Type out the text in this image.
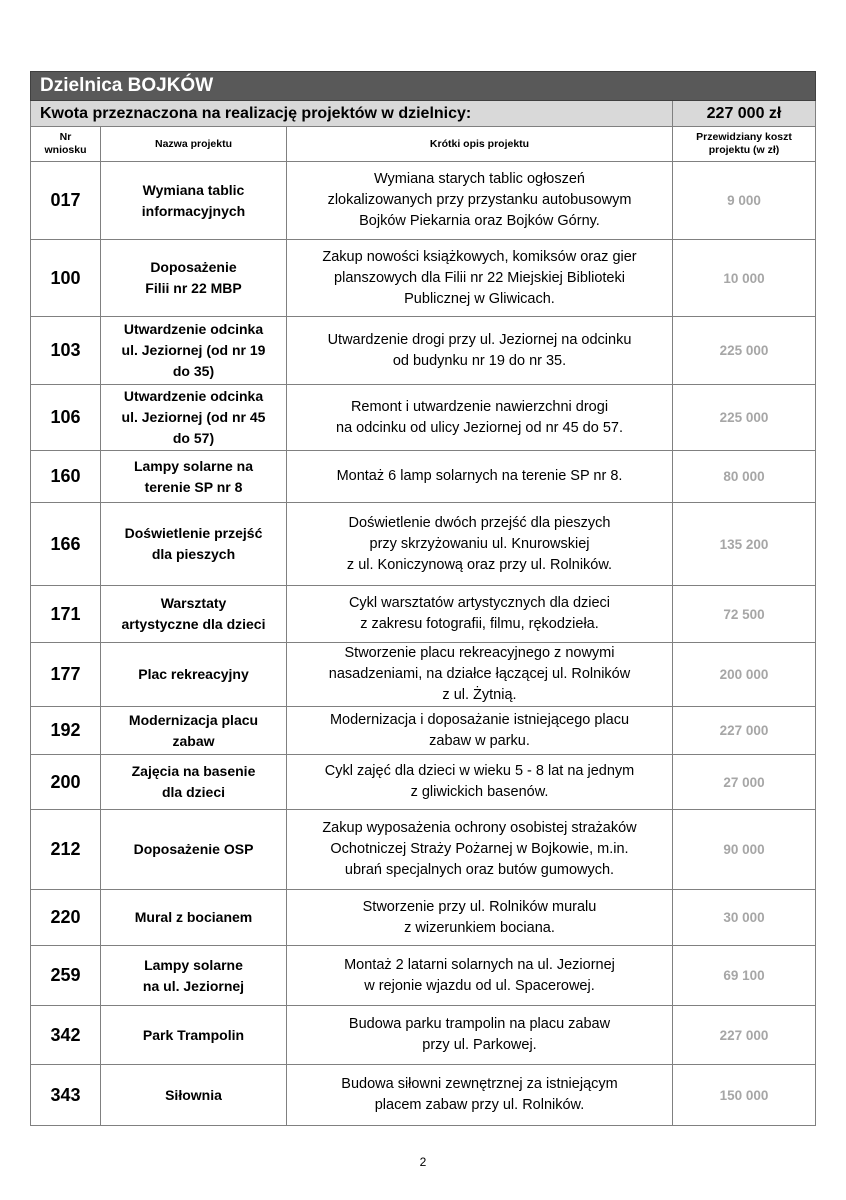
Dzielnica BOJKÓW			
Kwota przeznaczona na realizację projektów w dzielnicy:			227 000 zł
Nr
wniosku	Nazwa projektu	Krótki opis projektu	Przewidziany koszt
projektu (w zł)
017	Wymiana tablic
informacyjnych	Wymiana starych tablic ogłoszeń
zlokalizowanych przy przystanku autobusowym
Bojków Piekarnia oraz Bojków Górny.	9 000
100	Doposażenie
Filii nr 22 MBP	Zakup nowości książkowych, komiksów oraz gier
planszowych dla Filii nr 22 Miejskiej Biblioteki
Publicznej w Gliwicach.	10 000
103	Utwardzenie odcinka
ul. Jeziornej (od nr 19
do 35)	Utwardzenie drogi przy ul. Jeziornej na odcinku
od budynku nr 19 do nr 35.	225 000
106	Utwardzenie odcinka
ul. Jeziornej (od nr 45
do 57)	Remont i utwardzenie nawierzchni drogi
na odcinku od ulicy Jeziornej od nr 45 do 57.	225 000
160	Lampy solarne na
terenie SP nr 8	Montaż 6 lamp solarnych na terenie SP nr 8.	80 000
166	Doświetlenie przejść
dla pieszych	Doświetlenie dwóch przejść dla pieszych
przy skrzyżowaniu ul. Knurowskiej
z ul. Koniczynową oraz przy ul. Rolników.	135 200
171	Warsztaty
artystyczne dla dzieci	Cykl warsztatów artystycznych dla dzieci
z zakresu fotografii, filmu, rękodzieła.	72 500
177	Plac rekreacyjny	Stworzenie placu rekreacyjnego z nowymi
nasadzeniami, na działce łączącej ul. Rolników
z ul. Żytnią.	200 000
192	Modernizacja placu
zabaw	Modernizacja i doposażanie istniejącego placu
zabaw w parku.	227 000
200	Zajęcia na basenie
dla dzieci	Cykl zajęć dla dzieci w wieku 5 - 8 lat na jednym
z gliwickich basenów.	27 000
212	Doposażenie OSP	Zakup wyposażenia ochrony osobistej strażaków
Ochotniczej Straży Pożarnej w Bojkowie, m.in.
ubrań specjalnych oraz butów gumowych.	90 000
220	Mural z bocianem	Stworzenie przy ul. Rolników muralu
z wizerunkiem bociana.	30 000
259	Lampy solarne
na ul. Jeziornej	Montaż 2 latarni solarnych na ul. Jeziornej
w rejonie wjazdu od ul. Spacerowej.	69 100
342	Park Trampolin	Budowa parku trampolin na placu zabaw
przy ul. Parkowej.	227 000
343	Siłownia	Budowa siłowni zewnętrznej za istniejącym
placem zabaw przy ul. Rolników.	150 000
2
